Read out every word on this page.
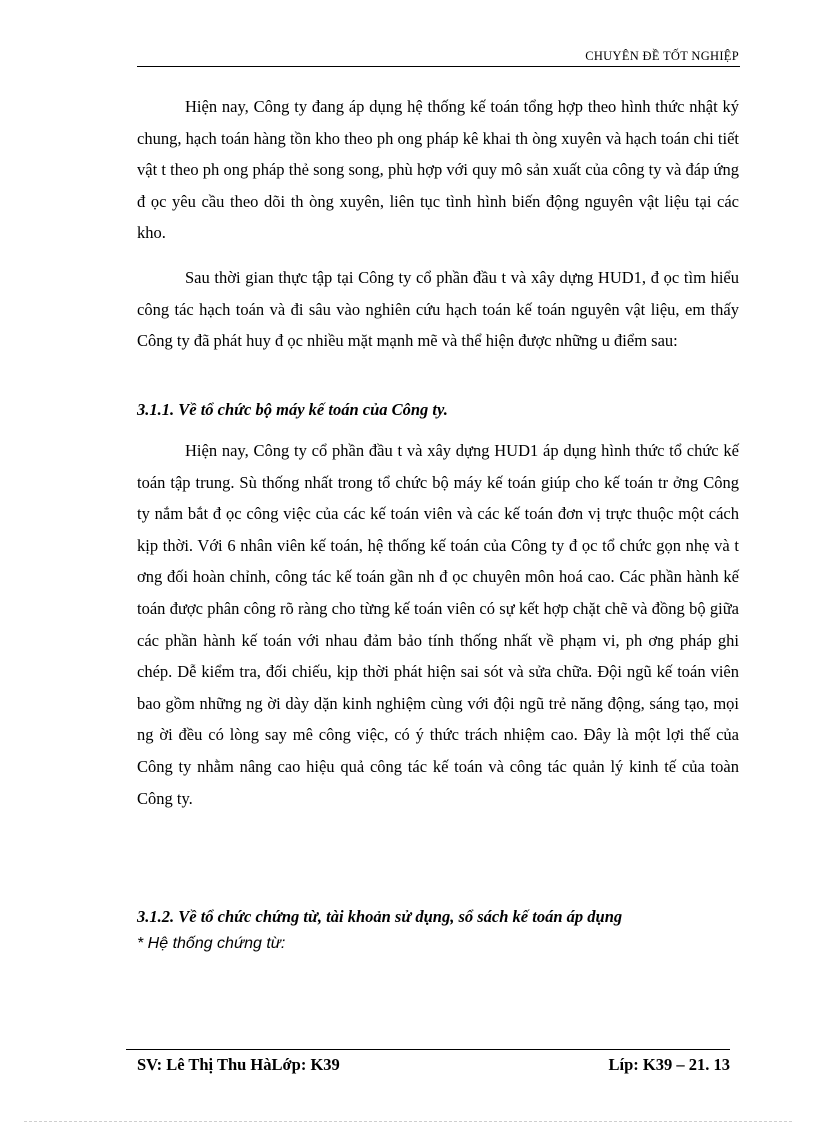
CHUYÊN ĐỀ TỐT NGHIỆP

Hiện nay, Công ty đang áp dụng hệ thống kế toán tổng hợp theo hình thức nhật ký chung, hạch toán hàng tồn kho theo ph ong pháp kê khai th òng xuyên và hạch toán chi tiết vật t theo ph ong pháp thẻ song song, phù hợp với quy mô sản xuất của công ty và đáp ứng đ ọc yêu cầu theo dõi th òng xuyên, liên tục tình hình biến động nguyên vật liệu tại các kho.

Sau thời gian thực tập tại Công ty cổ phần đầu t và xây dựng HUD1, đ ọc tìm hiểu công tác hạch toán và đi sâu vào nghiên cứu hạch toán kế toán nguyên vật liệu, em thấy Công ty đã phát huy đ ọc nhiều mặt mạnh mẽ và thể hiện được những u điểm sau:

3.1.1. Về tổ chức bộ máy kế toán của Công ty.

Hiện nay, Công ty cổ phần đầu t và xây dựng HUD1 áp dụng hình thức tổ chức kế toán tập trung. Sù thống nhất trong tổ chức bộ máy kế toán giúp cho kế toán tr ởng Công ty nắm bắt đ ọc công việc của các kế toán viên và các kế toán đơn vị trực thuộc một cách kịp thời. Với 6 nhân viên kế toán, hệ thống kế toán của Công ty đ ọc tổ chức gọn nhẹ và t ơng đối hoàn chỉnh, công tác kế toán gần nh đ ọc chuyên môn hoá cao. Các phần hành kế toán được phân công rõ ràng cho từng kế toán viên có sự kết hợp chặt chẽ và đồng bộ giữa các phần hành kế toán với nhau đảm bảo tính thống nhất về phạm vi, ph ơng pháp ghi chép. Dễ kiểm tra, đối chiếu, kịp thời phát hiện sai sót và sửa chữa. Đội ngũ kế toán viên bao gồm những ng ời dày dặn kinh nghiệm cùng với đội ngũ trẻ năng động, sáng tạo, mọi ng ời đều có lòng say mê công việc, có ý thức trách nhiệm cao. Đây là một lợi thế của Công ty nhằm nâng cao hiệu quả công tác kế toán và công tác quản lý kinh tế của toàn Công ty.

3.1.2. Về tổ chức chứng từ, tài khoản sử dụng, sổ sách kế toán áp dụng
* Hệ thống chứng từ:
SV: Lê Thị Thu HàLớp: K39	Líp: K39 – 21. 13
